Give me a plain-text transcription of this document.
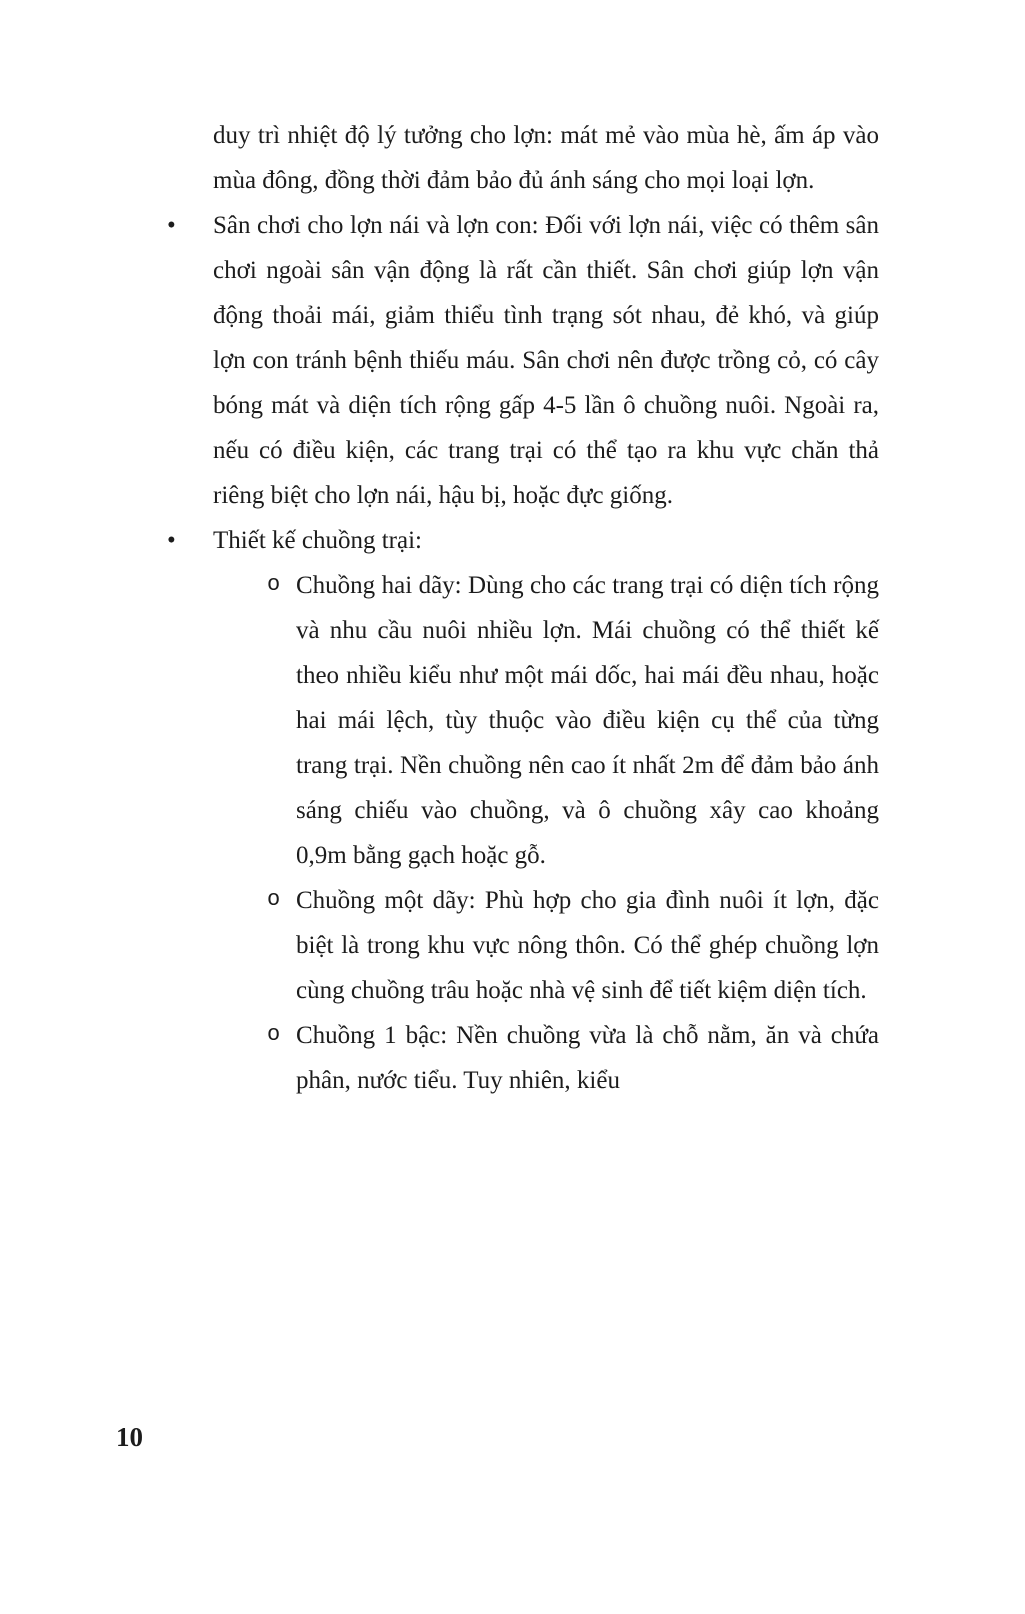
duy trì nhiệt độ lý tưởng cho lợn: mát mẻ vào mùa hè, ấm áp vào mùa đông, đồng thời đảm bảo đủ ánh sáng cho mọi loại lợn.

• Sân chơi cho lợn nái và lợn con: Đối với lợn nái, việc có thêm sân chơi ngoài sân vận động là rất cần thiết. Sân chơi giúp lợn vận động thoải mái, giảm thiểu tình trạng sót nhau, đẻ khó, và giúp lợn con tránh bệnh thiếu máu. Sân chơi nên được trồng cỏ, có cây bóng mát và diện tích rộng gấp 4-5 lần ô chuồng nuôi. Ngoài ra, nếu có điều kiện, các trang trại có thể tạo ra khu vực chăn thả riêng biệt cho lợn nái, hậu bị, hoặc đực giống.

• Thiết kế chuồng trại:

o Chuồng hai dãy: Dùng cho các trang trại có diện tích rộng và nhu cầu nuôi nhiều lợn. Mái chuồng có thể thiết kế theo nhiều kiểu như một mái dốc, hai mái đều nhau, hoặc hai mái lệch, tùy thuộc vào điều kiện cụ thể của từng trang trại. Nền chuồng nên cao ít nhất 2m để đảm bảo ánh sáng chiếu vào chuồng, và ô chuồng xây cao khoảng 0,9m bằng gạch hoặc gỗ.

o Chuồng một dãy: Phù hợp cho gia đình nuôi ít lợn, đặc biệt là trong khu vực nông thôn. Có thể ghép chuồng lợn cùng chuồng trâu hoặc nhà vệ sinh để tiết kiệm diện tích.

o Chuồng 1 bậc: Nền chuồng vừa là chỗ nằm, ăn và chứa phân, nước tiểu. Tuy nhiên, kiểu

10
